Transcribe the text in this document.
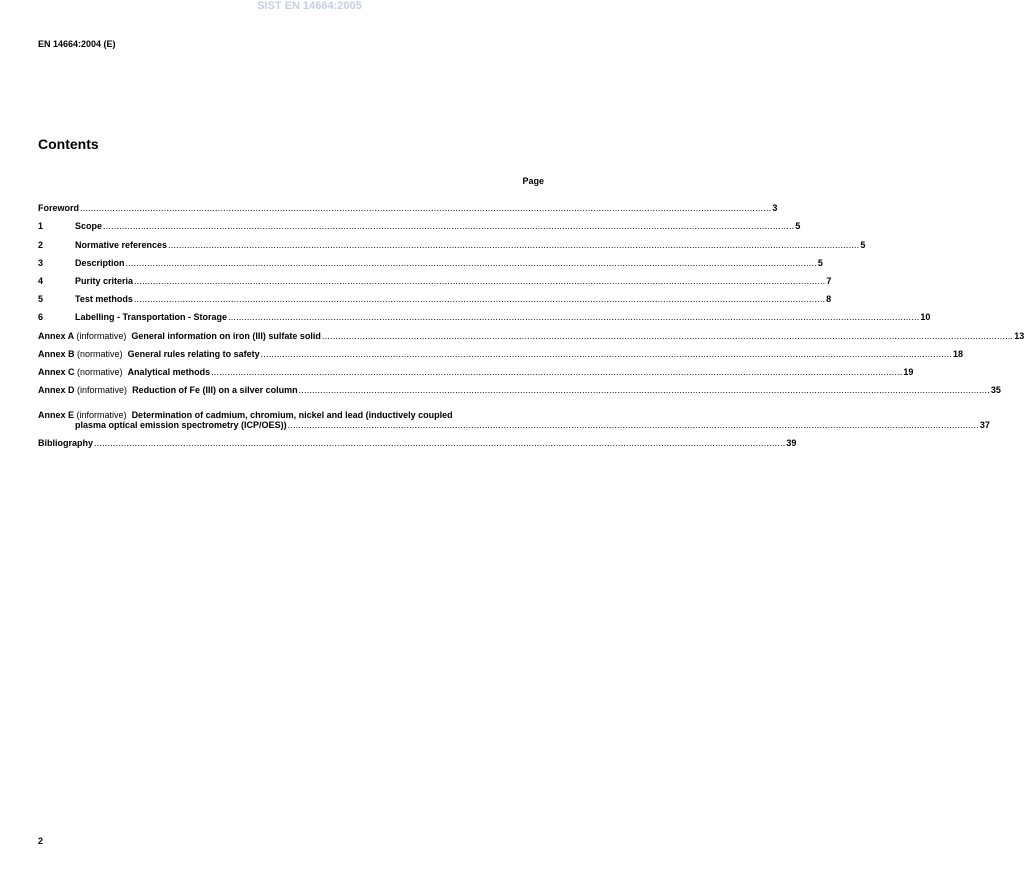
SIST EN 14664:2005
EN 14664:2004 (E)
Contents
Page
Foreword .....	3
1	Scope .....	5
2	Normative references .....	5
3	Description .....	5
4	Purity criteria .....	7
5	Test methods .....	8
6	Labelling - Transportation - Storage .....	10
Annex A (informative) General information on iron (III) sulfate solid .....	13
Annex B (normative) General rules relating to safety .....	18
Annex C (normative) Analytical methods .....	19
Annex D (informative) Reduction of Fe (III) on a silver column .....	35
Annex E (informative) Determination of cadmium, chromium, nickel and lead (inductively coupled
plasma optical emission spectrometry (ICP/OES)) .....	37
Bibliography .....	39
2
